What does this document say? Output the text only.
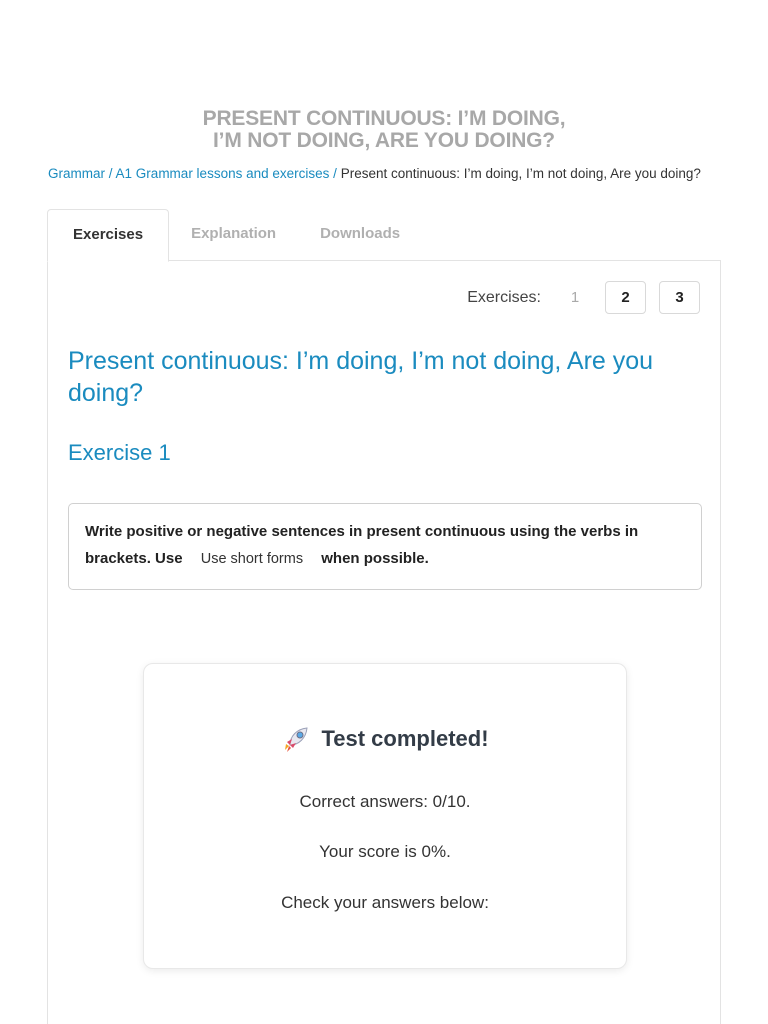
PRESENT CONTINUOUS: I’M DOING,
I’M NOT DOING, ARE YOU DOING?
Grammar / A1 Grammar lessons and exercises / Present continuous: I’m doing, I’m not doing, Are you doing?
Exercises	Explanation	Downloads
Exercises:	1	2	3
Present continuous: I’m doing, I’m not doing, Are you doing?
Exercise 1
Write positive or negative sentences in present continuous using the verbs in brackets. Use Use short forms when possible.
Test completed!
Correct answers: 0/10.
Your score is 0%.
Check your answers below:
